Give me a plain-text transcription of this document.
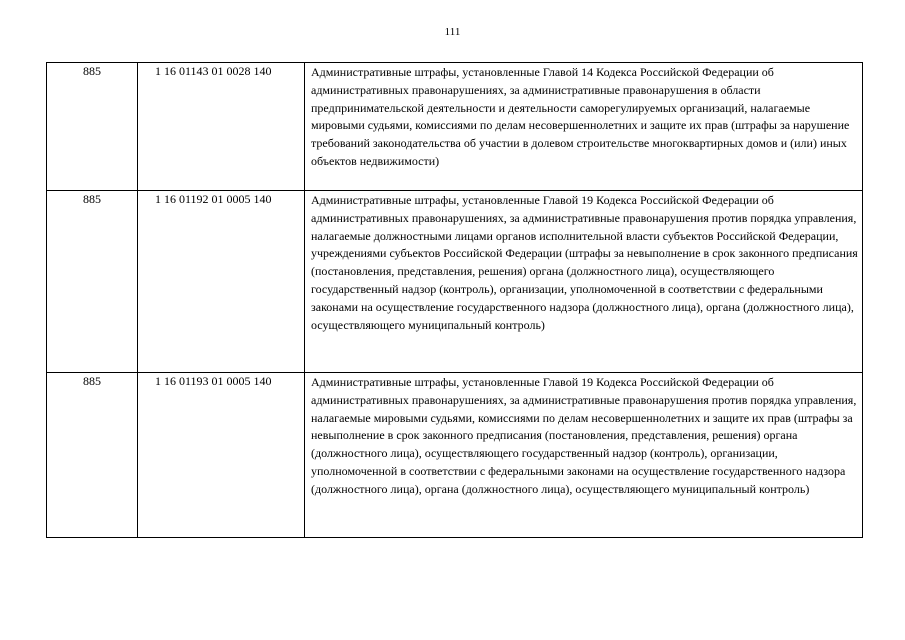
111
885	1 16 01143 01 0028 140	Административные штрафы, установленные Главой 14 Кодекса Российской Федерации об административных правонарушениях, за административные правонарушения в области предпринимательской деятельности и деятельности саморегулируемых организаций, налагаемые мировыми судьями, комиссиями по делам несовершеннолетних и защите их прав (штрафы за нарушение требований законодательства об участии в долевом строительстве многоквартирных домов и (или) иных объектов недвижимости)
885	1 16 01192 01 0005 140	Административные штрафы, установленные Главой 19 Кодекса Российской Федерации об административных правонарушениях, за административные правонарушения против порядка управления, налагаемые должностными лицами органов исполнительной власти субъектов Российской Федерации, учреждениями субъектов Российской Федерации (штрафы за невыполнение в срок законного предписания (постановления, представления, решения) органа (должностного лица), осуществляющего государственный надзор (контроль), организации, уполномоченной в соответствии с федеральными законами на осуществление государственного надзора (должностного лица), органа (должностного лица), осуществляющего муниципальный контроль)
885	1 16 01193 01 0005 140	Административные штрафы, установленные Главой 19 Кодекса Российской Федерации об административных правонарушениях, за административные правонарушения против порядка управления, налагаемые мировыми судьями, комиссиями по делам несовершеннолетних и защите их прав (штрафы за невыполнение в срок законного предписания (постановления, представления, решения) органа (должностного лица), осуществляющего государственный надзор (контроль), организации, уполномоченной в соответствии с федеральными законами на осуществление государственного надзора (должностного лица), органа (должностного лица), осуществляющего муниципальный контроль)
